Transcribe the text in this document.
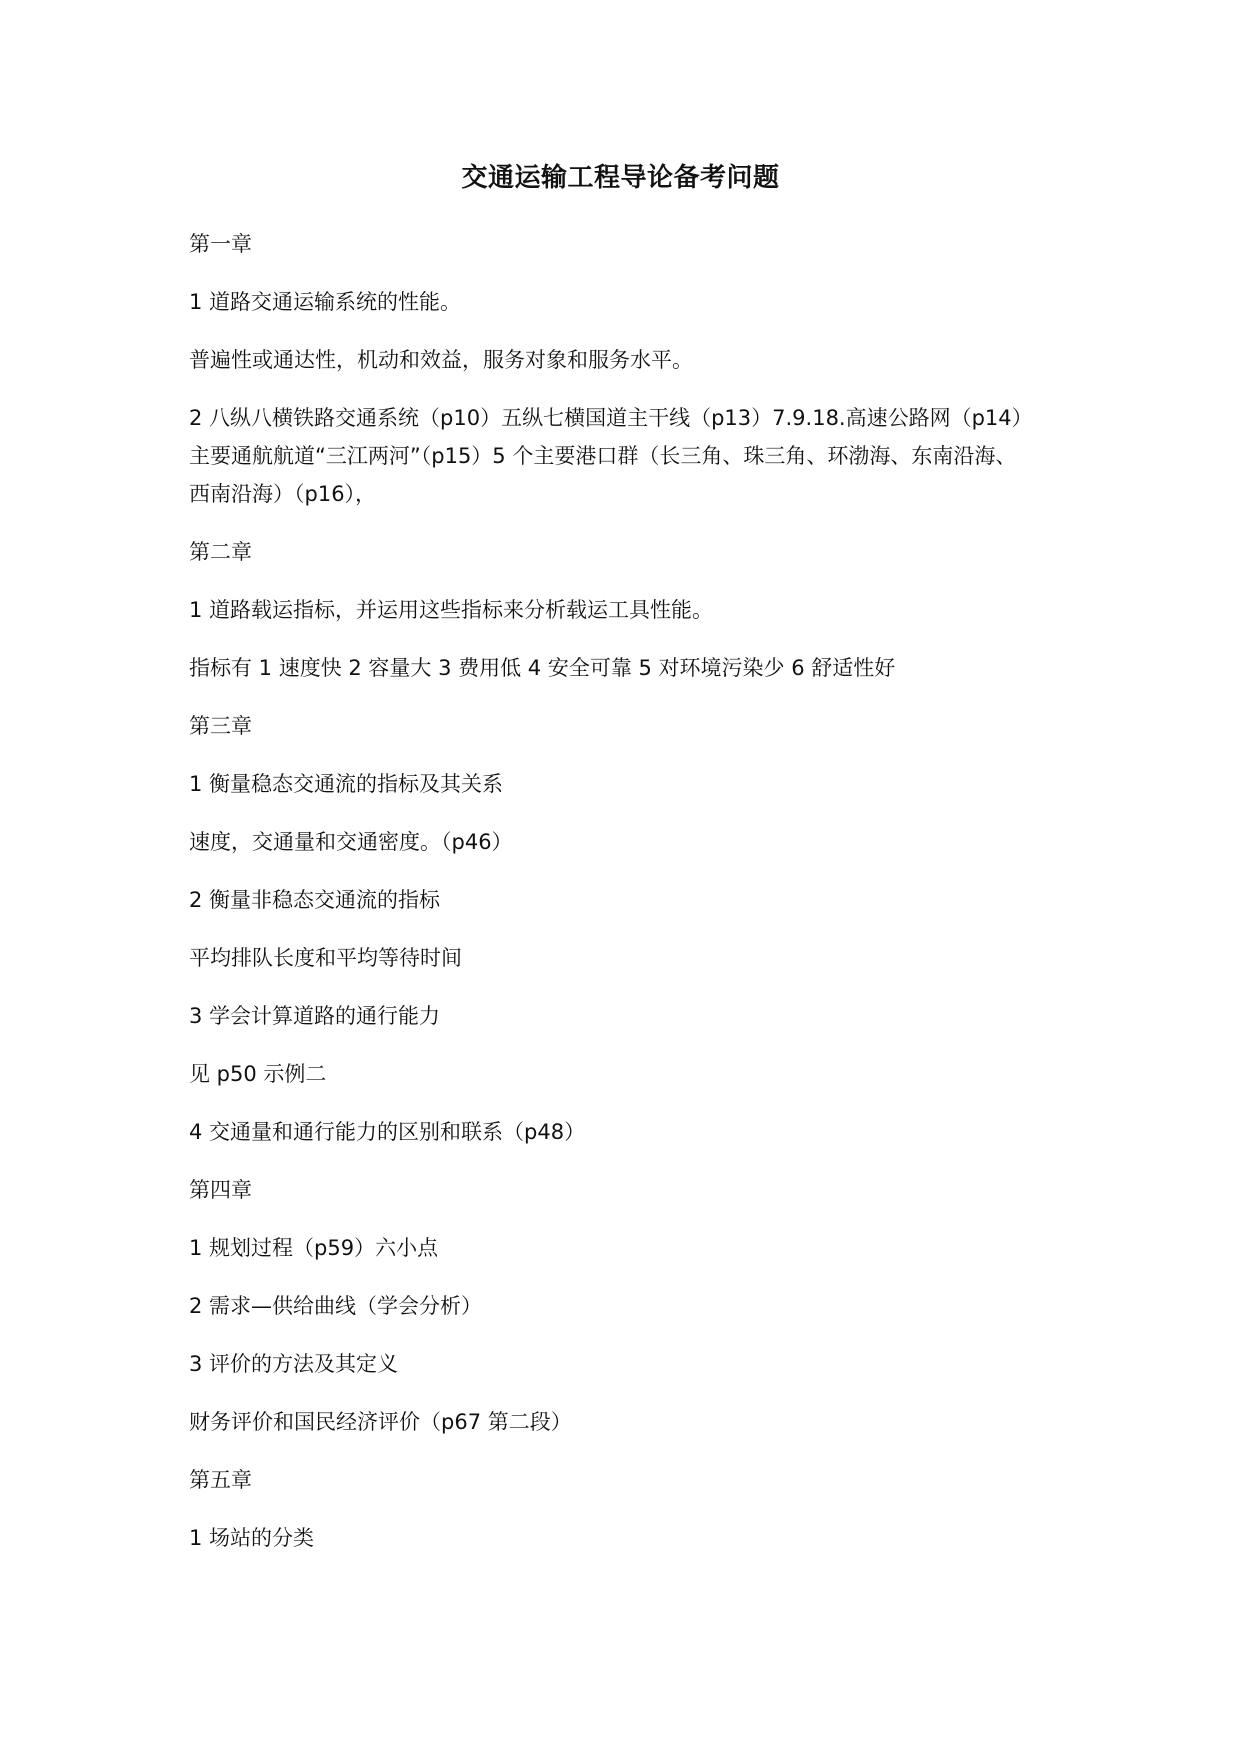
交通运输工程导论备考问题

第一章

1 道路交通运输系统的性能。

普遍性或通达性，机动和效益，服务对象和服务水平。

2 八纵八横铁路交通系统（p10）五纵七横国道主干线（p13）7.9.18.高速公路网（p14）
主要通航航道“三江两河”（p15）5 个主要港口群（长三角、珠三角、环渤海、东南沿海、
西南沿海）（p16），

第二章

1 道路载运指标，并运用这些指标来分析载运工具性能。

指标有 1 速度快 2 容量大 3 费用低 4 安全可靠 5 对环境污染少 6 舒适性好

第三章

1 衡量稳态交通流的指标及其关系

速度，交通量和交通密度。（p46）

2 衡量非稳态交通流的指标

平均排队长度和平均等待时间

3 学会计算道路的通行能力

见 p50 示例二

4 交通量和通行能力的区别和联系（p48）

第四章

1 规划过程（p59）六小点

2 需求—供给曲线（学会分析）

3 评价的方法及其定义

财务评价和国民经济评价（p67 第二段）

第五章

1 场站的分类
